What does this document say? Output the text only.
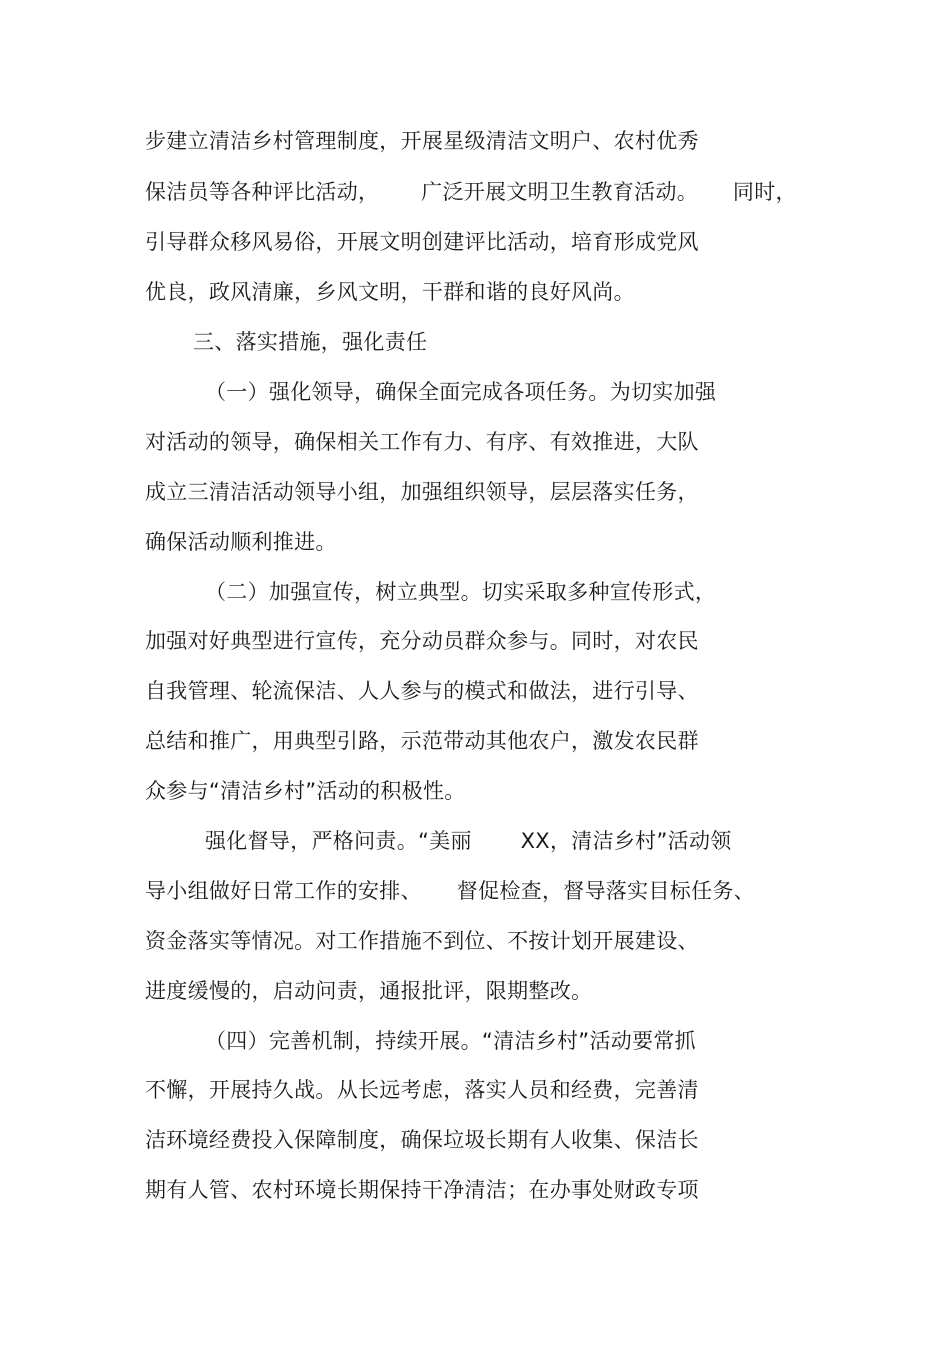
步建立清洁乡村管理制度，开展星级清洁文明户、农村优秀
保洁员等各种评比活动，      广泛开展文明卫生教育活动。     同时，
引导群众移风易俗，开展文明创建评比活动，培育形成党风
优良，政风清廉，乡风文明，干群和谐的良好风尚。
三、落实措施，强化责任
（一）强化领导，确保全面完成各项任务。为切实加强
对活动的领导，确保相关工作有力、有序、有效推进，大队
成立三清洁活动领导小组，加强组织领导，层层落实任务，
确保活动顺利推进。
（二）加强宣传，树立典型。切实采取多种宣传形式，
加强对好典型进行宣传，充分动员群众参与。同时，对农民
自我管理、轮流保洁、人人参与的模式和做法，进行引导、
总结和推广，用典型引路，示范带动其他农户，激发农民群
众参与“清洁乡村”活动的积极性。
强化督导，严格问责。“美丽       XX，清洁乡村”活动领
导小组做好日常工作的安排、     督促检查，督导落实目标任务、
资金落实等情况。对工作措施不到位、不按计划开展建设、
进度缓慢的，启动问责，通报批评，限期整改。
（四）完善机制，持续开展。“清洁乡村”活动要常抓
不懈，开展持久战。从长远考虑，落实人员和经费，完善清
洁环境经费投入保障制度，确保垃圾长期有人收集、保洁长
期有人管、农村环境长期保持干净清洁；在办事处财政专项
